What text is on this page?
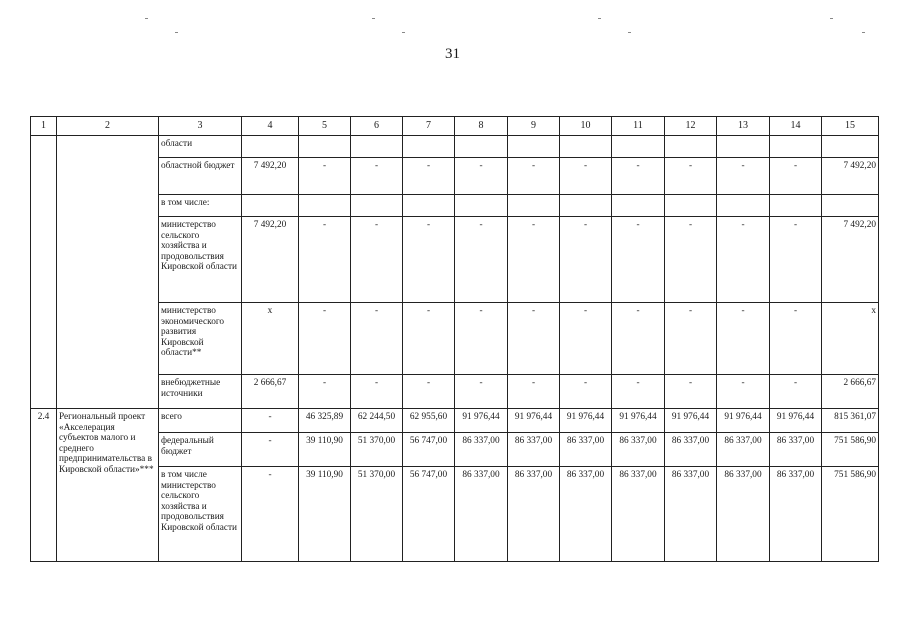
31
1	2	3	4	5	6	7	8	9	10	11	12	13	14	15
		области												
		областной бюджет	7 492,20	-	-	-	-	-	-	-	-	-	-	7 492,20
		в том числе:												
		министерство сельского хозяйства и продовольствия Кировской области	7 492,20	-	-	-	-	-	-	-	-	-	-	7 492,20
		министерство экономического развития Кировской области**	x	-	-	-	-	-	-	-	-	-	-	x
		внебюджетные источники	2 666,67	-	-	-	-	-	-	-	-	-	-	2 666,67
2.4	Региональный проект «Акселерация субъектов малого и среднего предпринимательства в Кировской области»***	всего	-	46 325,89	62 244,50	62 955,60	91 976,44	91 976,44	91 976,44	91 976,44	91 976,44	91 976,44	91 976,44	815 361,07
		федеральный бюджет	-	39 110,90	51 370,00	56 747,00	86 337,00	86 337,00	86 337,00	86 337,00	86 337,00	86 337,00	86 337,00	751 586,90
		в том числе министерство сельского хозяйства и продовольствия Кировской области	-	39 110,90	51 370,00	56 747,00	86 337,00	86 337,00	86 337,00	86 337,00	86 337,00	86 337,00	86 337,00	751 586,90
